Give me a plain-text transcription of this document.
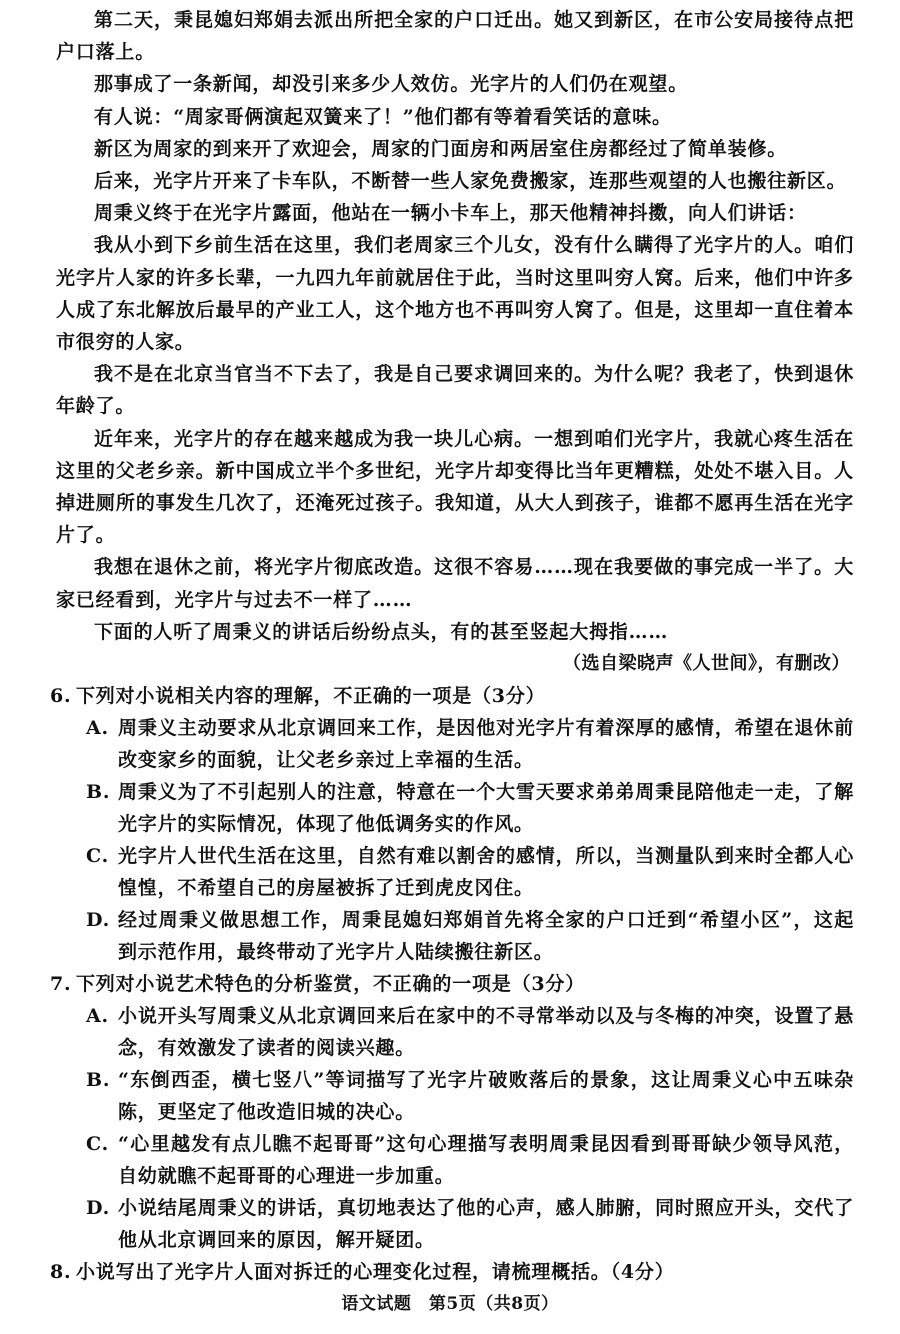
第二天，秉昆媳妇郑娟去派出所把全家的户口迁出。她又到新区，在市公安局接待点把户口落上。

那事成了一条新闻，却没引来多少人效仿。光字片的人们仍在观望。

有人说：“周家哥俩演起双簧来了！”他们都有等着看笑话的意味。

新区为周家的到来开了欢迎会，周家的门面房和两居室住房都经过了简单装修。

后来，光字片开来了卡车队，不断替一些人家免费搬家，连那些观望的人也搬往新区。

周秉义终于在光字片露面，他站在一辆小卡车上，那天他精神抖擞，向人们讲话：

我从小到下乡前生活在这里，我们老周家三个儿女，没有什么瞒得了光字片的人。咱们光字片人家的许多长辈，一九四九年前就居住于此，当时这里叫穷人窝。后来，他们中许多人成了东北解放后最早的产业工人，这个地方也不再叫穷人窝了。但是，这里却一直住着本市很穷的人家。

我不是在北京当官当不下去了，我是自己要求调回来的。为什么呢？我老了，快到退休年龄了。

近年来，光字片的存在越来越成为我一块儿心病。一想到咱们光字片，我就心疼生活在这里的父老乡亲。新中国成立半个多世纪，光字片却变得比当年更糟糕，处处不堪入目。人掉进厕所的事发生几次了，还淹死过孩子。我知道，从大人到孩子，谁都不愿再生活在光字片了。

我想在退休之前，将光字片彻底改造。这很不容易……现在我要做的事完成一半了。大家已经看到，光字片与过去不一样了……

下面的人听了周秉义的讲话后纷纷点头，有的甚至竖起大拇指……

（选自梁晓声《人世间》，有删改）

6. 下列对小说相关内容的理解，不正确的一项是（3分）

A. 周秉义主动要求从北京调回来工作，是因他对光字片有着深厚的感情，希望在退休前改变家乡的面貌，让父老乡亲过上幸福的生活。

B. 周秉义为了不引起别人的注意，特意在一个大雪天要求弟弟周秉昆陪他走一走，了解光字片的实际情况，体现了他低调务实的作风。

C. 光字片人世代生活在这里，自然有难以割舍的感情，所以，当测量队到来时全都人心惶惶，不希望自己的房屋被拆了迁到虎皮冈住。

D. 经过周秉义做思想工作，周秉昆媳妇郑娟首先将全家的户口迁到“希望小区”，这起到示范作用，最终带动了光字片人陆续搬往新区。

7. 下列对小说艺术特色的分析鉴赏，不正确的一项是（3分）

A. 小说开头写周秉义从北京调回来后在家中的不寻常举动以及与冬梅的冲突，设置了悬念，有效激发了读者的阅读兴趣。

B. “东倒西歪，横七竖八”等词描写了光字片破败落后的景象，这让周秉义心中五味杂陈，更坚定了他改造旧城的决心。

C. “心里越发有点儿瞧不起哥哥”这句心理描写表明周秉昆因看到哥哥缺少领导风范，自幼就瞧不起哥哥的心理进一步加重。

D. 小说结尾周秉义的讲话，真切地表达了他的心声，感人肺腑，同时照应开头，交代了他从北京调回来的原因，解开疑团。

8. 小说写出了光字片人面对拆迁的心理变化过程，请梳理概括。（4分）

语文试题　第5页（共8页）
